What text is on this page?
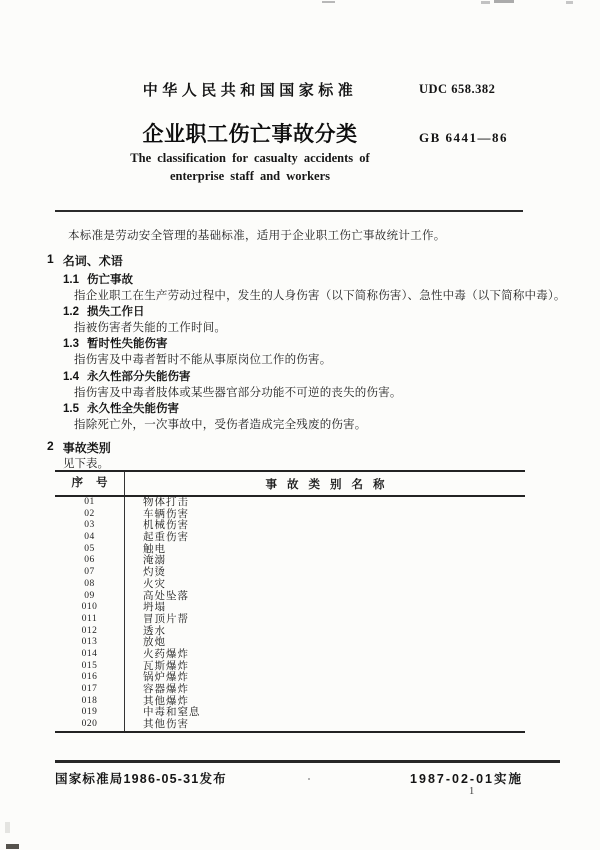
中华人民共和国国家标准	UDC 658.382
企业职工伤亡事故分类	GB 6441—86
The classification for casualty accidents of
enterprise staff and workers
本标准是劳动安全管理的基础标准，适用于企业职工伤亡事故统计工作。
1 名词、术语
1.1 伤亡事故
指企业职工在生产劳动过程中，发生的人身伤害（以下简称伤害）、急性中毒（以下简称中毒）。
1.2 损失工作日
指被伤害者失能的工作时间。
1.3 暂时性失能伤害
指伤害及中毒者暂时不能从事原岗位工作的伤害。
1.4 永久性部分失能伤害
指伤害及中毒者肢体或某些器官部分功能不可逆的丧失的伤害。
1.5 永久性全失能伤害
指除死亡外，一次事故中，受伤者造成完全残废的伤害。
2 事故类别
见下表。
序号	事故类别名称
01	物体打击
02	车辆伤害
03	机械伤害
04	起重伤害
05	触电
06	淹溺
07	灼烫
08	火灾
09	高处坠落
010	坍塌
011	冒顶片帮
012	透水
013	放炮
014	火药爆炸
015	瓦斯爆炸
016	锅炉爆炸
017	容器爆炸
018	其他爆炸
019	中毒和窒息
020	其他伤害
国家标准局1986-05-31发布	1987-02-01实施
1
